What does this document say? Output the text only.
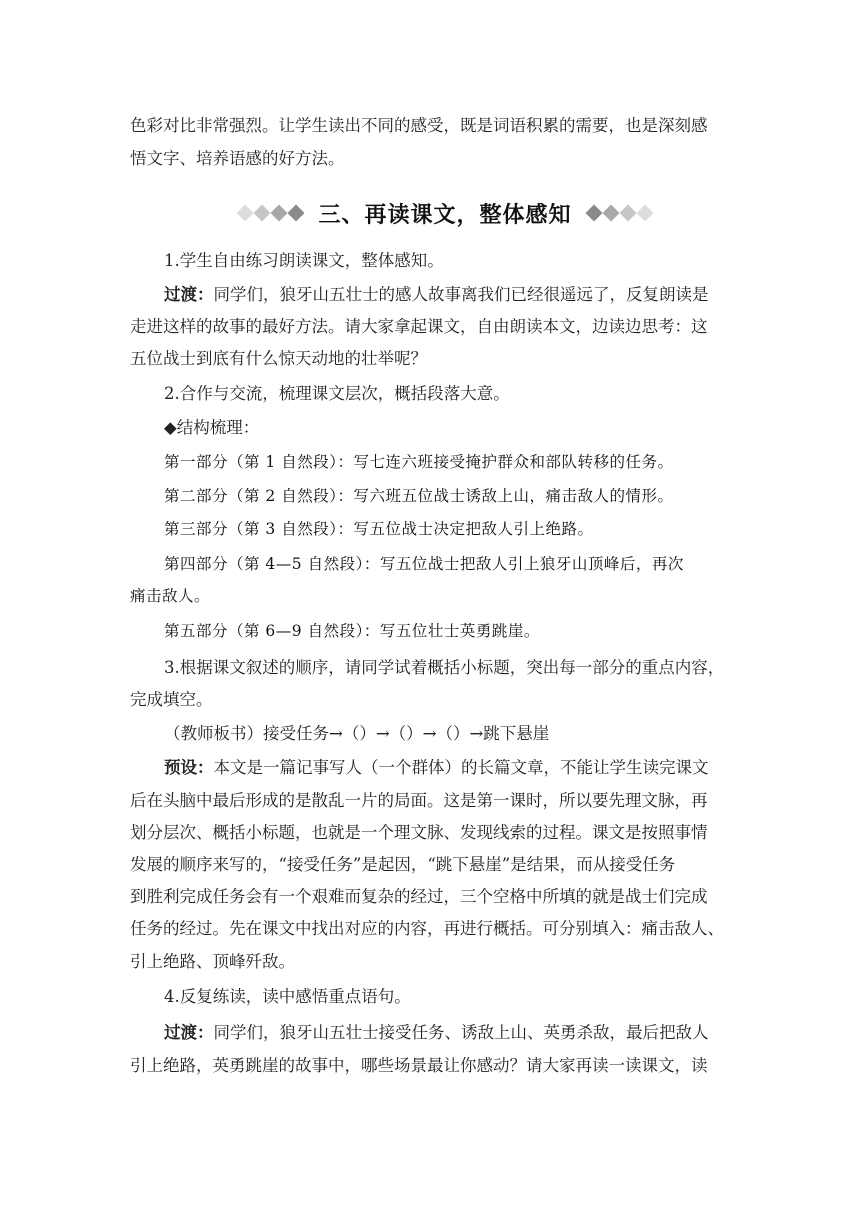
色彩对比非常强烈。让学生读出不同的感受，既是词语积累的需要，也是深刻感
悟文字、培养语感的好方法。
三、再读课文，整体感知
1.学生自由练习朗读课文，整体感知。
过渡：同学们，狼牙山五壮士的感人故事离我们已经很遥远了，反复朗读是
走进这样的故事的最好方法。请大家拿起课文，自由朗读本文，边读边思考：这
五位战士到底有什么惊天动地的壮举呢？
2.合作与交流，梳理课文层次，概括段落大意。
◆结构梳理：
第一部分（第 1 自然段）：写七连六班接受掩护群众和部队转移的任务。
第二部分（第 2 自然段）：写六班五位战士诱敌上山，痛击敌人的情形。
第三部分（第 3 自然段）：写五位战士决定把敌人引上绝路。
第四部分（第 4—5 自然段）：写五位战士把敌人引上狼牙山顶峰后，再次
痛击敌人。
第五部分（第 6—9 自然段）：写五位壮士英勇跳崖。
3.根据课文叙述的顺序，请同学试着概括小标题，突出每一部分的重点内容，
完成填空。
（教师板书）接受任务→（）→（）→（）→跳下悬崖
预设：本文是一篇记事写人（一个群体）的长篇文章，不能让学生读完课文
后在头脑中最后形成的是散乱一片的局面。这是第一课时，所以要先理文脉，再
划分层次、概括小标题，也就是一个理文脉、发现线索的过程。课文是按照事情
发展的顺序来写的，“接受任务”是起因，“跳下悬崖”是结果，而从接受任务
到胜利完成任务会有一个艰难而复杂的经过，三个空格中所填的就是战士们完成
任务的经过。先在课文中找出对应的内容，再进行概括。可分别填入：痛击敌人、
引上绝路、顶峰歼敌。
4.反复练读，读中感悟重点语句。
过渡：同学们，狼牙山五壮士接受任务、诱敌上山、英勇杀敌，最后把敌人
引上绝路，英勇跳崖的故事中，哪些场景最让你感动？请大家再读一读课文，读
